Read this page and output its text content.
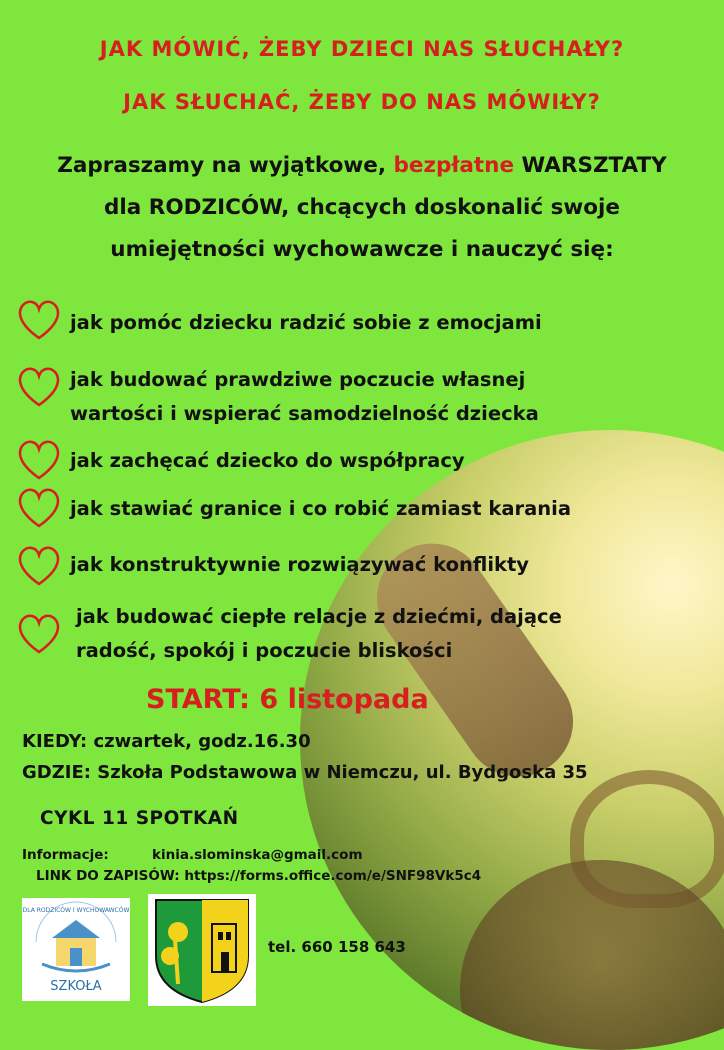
JAK MÓWIĆ, ŻEBY DZIECI NAS SŁUCHAŁY?
JAK SŁUCHAĆ, ŻEBY DO NAS MÓWIŁY?
Zapraszamy na wyjątkowe, bezpłatne WARSZTATY
dla RODZICÓW, chcących doskonalić swoje
umiejętności wychowawcze i nauczyć się:
jak pomóc dziecku radzić sobie z emocjami
jak budować prawdziwe poczucie własnej
wartości i wspierać samodzielność dziecka
jak zachęcać dziecko do współpracy
jak stawiać granice i co robić zamiast karania
jak konstruktywnie rozwiązywać konflikty
jak budować ciepłe relacje z dziećmi, dające
radość, spokój i poczucie bliskości
START: 6 listopada
KIEDY: czwartek, godz.16.30
GDZIE: Szkoła Podstawowa w Niemczu, ul. Bydgoska 35
CYKL 11 SPOTKAŃ
Informacje:	kinia.slominska@gmail.com
LINK DO ZAPISÓW: https://forms.office.com/e/SNF98Vk5c4
SZKOŁA
DLA RODZICÓW I WYCHOWAWCÓW
tel. 660 158 643
